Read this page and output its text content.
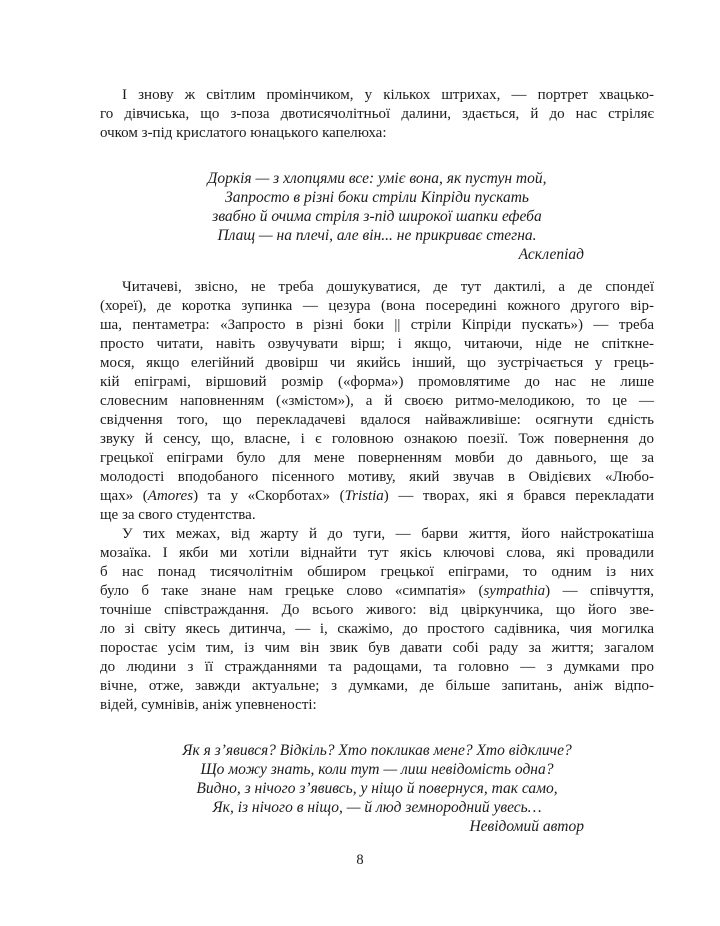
І знову ж світлим промінчиком, у кількох штрихах, — портрет хвацько-
го дівчиська, що з-поза двотисячолітньої далини, здається, й до нас стріляє
очком з-під крислатого юнацького капелюха:
Доркія — з хлопцями все: уміє вона, як пустун той,
Запросто в різні боки стріли Кіпріди пускать
звабно й очима стріля з-під широкої шапки ефеба
Плащ — на плечі, але він... не прикриває стегна.
Асклепіад
Читачеві, звісно, не треба дошукуватися, де тут дактилі, а де спондеї
(хореї), де коротка зупинка — цезура (вона посередині кожного другого вір-
ша, пентаметра: «Запросто в різні боки || стріли Кіпріди пускать») — треба
просто читати, навіть озвучувати вірш; і якщо, читаючи, ніде не спіткне-
мося, якщо елегійний двовірш чи якийсь інший, що зустрічається у грець-
кій епіграмі, віршовий розмір («форма») промовлятиме до нас не лише
словесним наповненням («змістом»), а й своєю ритмо-мелодикою, то це —
свідчення того, що перекладачеві вдалося найважливіше: осягнути єдність
звуку й сенсу, що, власне, і є головною ознакою поезії. Тож повернення до
грецької епіграми було для мене поверненням мовби до давнього, ще за
молодості вподобаного пісенного мотиву, який звучав в Овідієвих «Любо-
щах» (Amores) та у «Скорботах» (Tristia) — творах, які я брався перекладати
ще за свого студентства.
У тих межах, від жарту й до туги, — барви життя, його найстрокатіша
мозаїка. І якби ми хотіли віднайти тут якісь ключові слова, які провадили
б нас понад тисячолітнім обширом грецької епіграми, то одним із них
було б таке знане нам грецьке слово «симпатія» (sympathia) — співчуття,
точніше співстраждання. До всього живого: від цвіркунчика, що його зве-
ло зі світу якесь дитинча, — і, скажімо, до простого садівника, чия могилка
поростає усім тим, із чим він звик був давати собі раду за життя; загалом
до людини з її стражданнями та радощами, та головно — з думками про
вічне, отже, завжди актуальне; з думками, де більше запитань, аніж відпо-
відей, сумнівів, аніж упевненості:
Як я з’явився? Відкіль? Хто покликав мене? Хто відкличе?
Що можу знать, коли тут — лиш невідомість одна?
Видно, з нічого з’явивсь, у ніщо й повернуся, так само,
Як, із нічого в ніщо, — й люд земнородний увесь…
Невідомий автор
8
